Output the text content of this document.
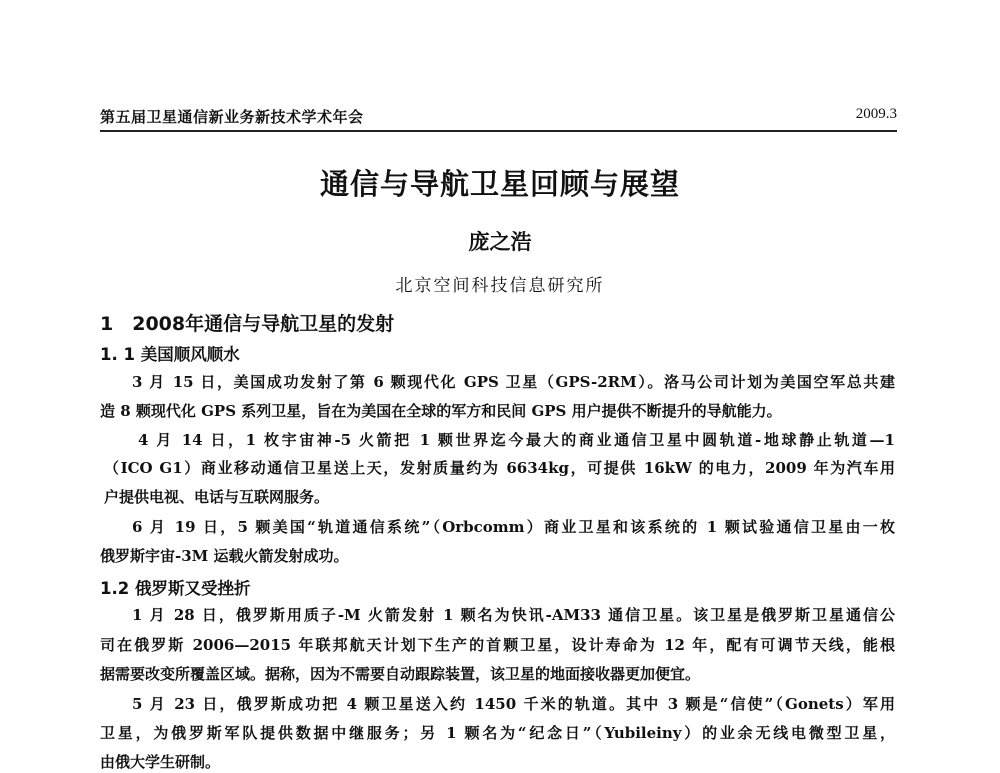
第五届卫星通信新业务新技术学术年会	2009.3
通信与导航卫星回顾与展望
庞之浩
北京空间科技信息研究所
1　2008年通信与导航卫星的发射
1. 1 美国顺风顺水
3 月 15 日，美国成功发射了第 6 颗现代化 GPS 卫星（GPS-2RM）。洛马公司计划为美国空军总共建
造 8 颗现代化 GPS 系列卫星，旨在为美国在全球的军方和民间 GPS 用户提供不断提升的导航能力。
4 月 14 日，1 枚宇宙神-5 火箭把 1 颗世界迄今最大的商业通信卫星中圆轨道-地球静止轨道—1
（ICO G1）商业移动通信卫星送上天，发射质量约为 6634kg，可提供 16kW 的电力，2009 年为汽车用
户提供电视、电话与互联网服务。
6 月 19 日，5 颗美国“轨道通信系统”（Orbcomm）商业卫星和该系统的 1 颗试验通信卫星由一枚
俄罗斯宇宙-3M 运载火箭发射成功。
1.2 俄罗斯又受挫折
1 月 28 日，俄罗斯用质子-M 火箭发射 1 颗名为快讯-AM33 通信卫星。该卫星是俄罗斯卫星通信公
司在俄罗斯 2006—2015 年联邦航天计划下生产的首颗卫星，设计寿命为 12 年，配有可调节天线，能根
据需要改变所覆盖区域。据称，因为不需要自动跟踪装置，该卫星的地面接收器更加便宜。
5 月 23 日，俄罗斯成功把 4 颗卫星送入约 1450 千米的轨道。其中 3 颗是“信使”（Gonets）军用
卫星，为俄罗斯军队提供数据中继服务；另 1 颗名为“纪念日”（Yubileiny）的业余无线电微型卫星，
由俄大学生研制。
